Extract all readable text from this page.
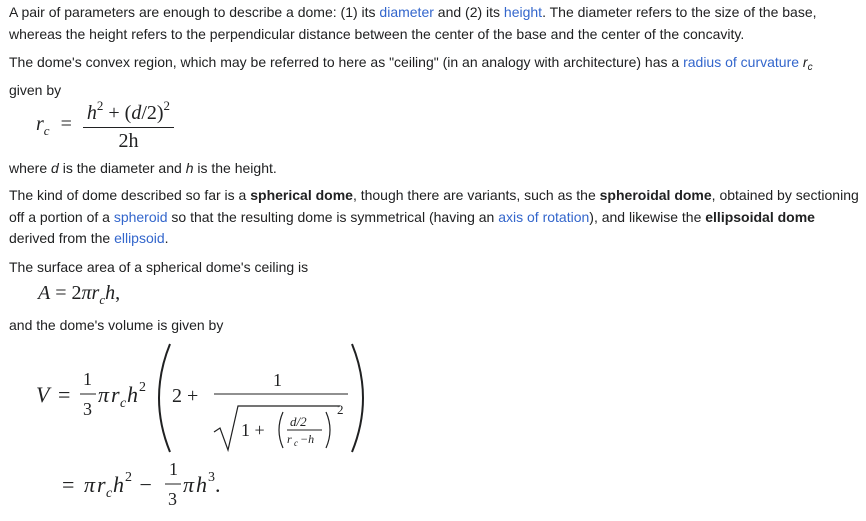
A pair of parameters are enough to describe a dome: (1) its diameter and (2) its height. The diameter refers to the size of the base, whereas the height refers to the perpendicular distance between the center of the base and the center of the concavity.
The dome's convex region, which may be referred to here as "ceiling" (in an analogy with architecture) has a radius of curvature $r_c$
given by
$r_c = \frac{h^2 + (d/2)^2}{2h}$
where d is the diameter and h is the height.
The kind of dome described so far is a spherical dome, though there are variants, such as the spheroidal dome, obtained by sectioning off a portion of a spheroid so that the resulting dome is symmetrical (having an axis of rotation), and likewise the ellipsoidal dome derived from the ellipsoid.
The surface area of a spherical dome's ceiling is
$A = 2\pi r_ch$,
and the dome's volume is given by
V =
1
3
π r c h 2 2 +
1
1 + d/2
r c −h
2
= π r c h 2 −
1
3
π h 3 .
